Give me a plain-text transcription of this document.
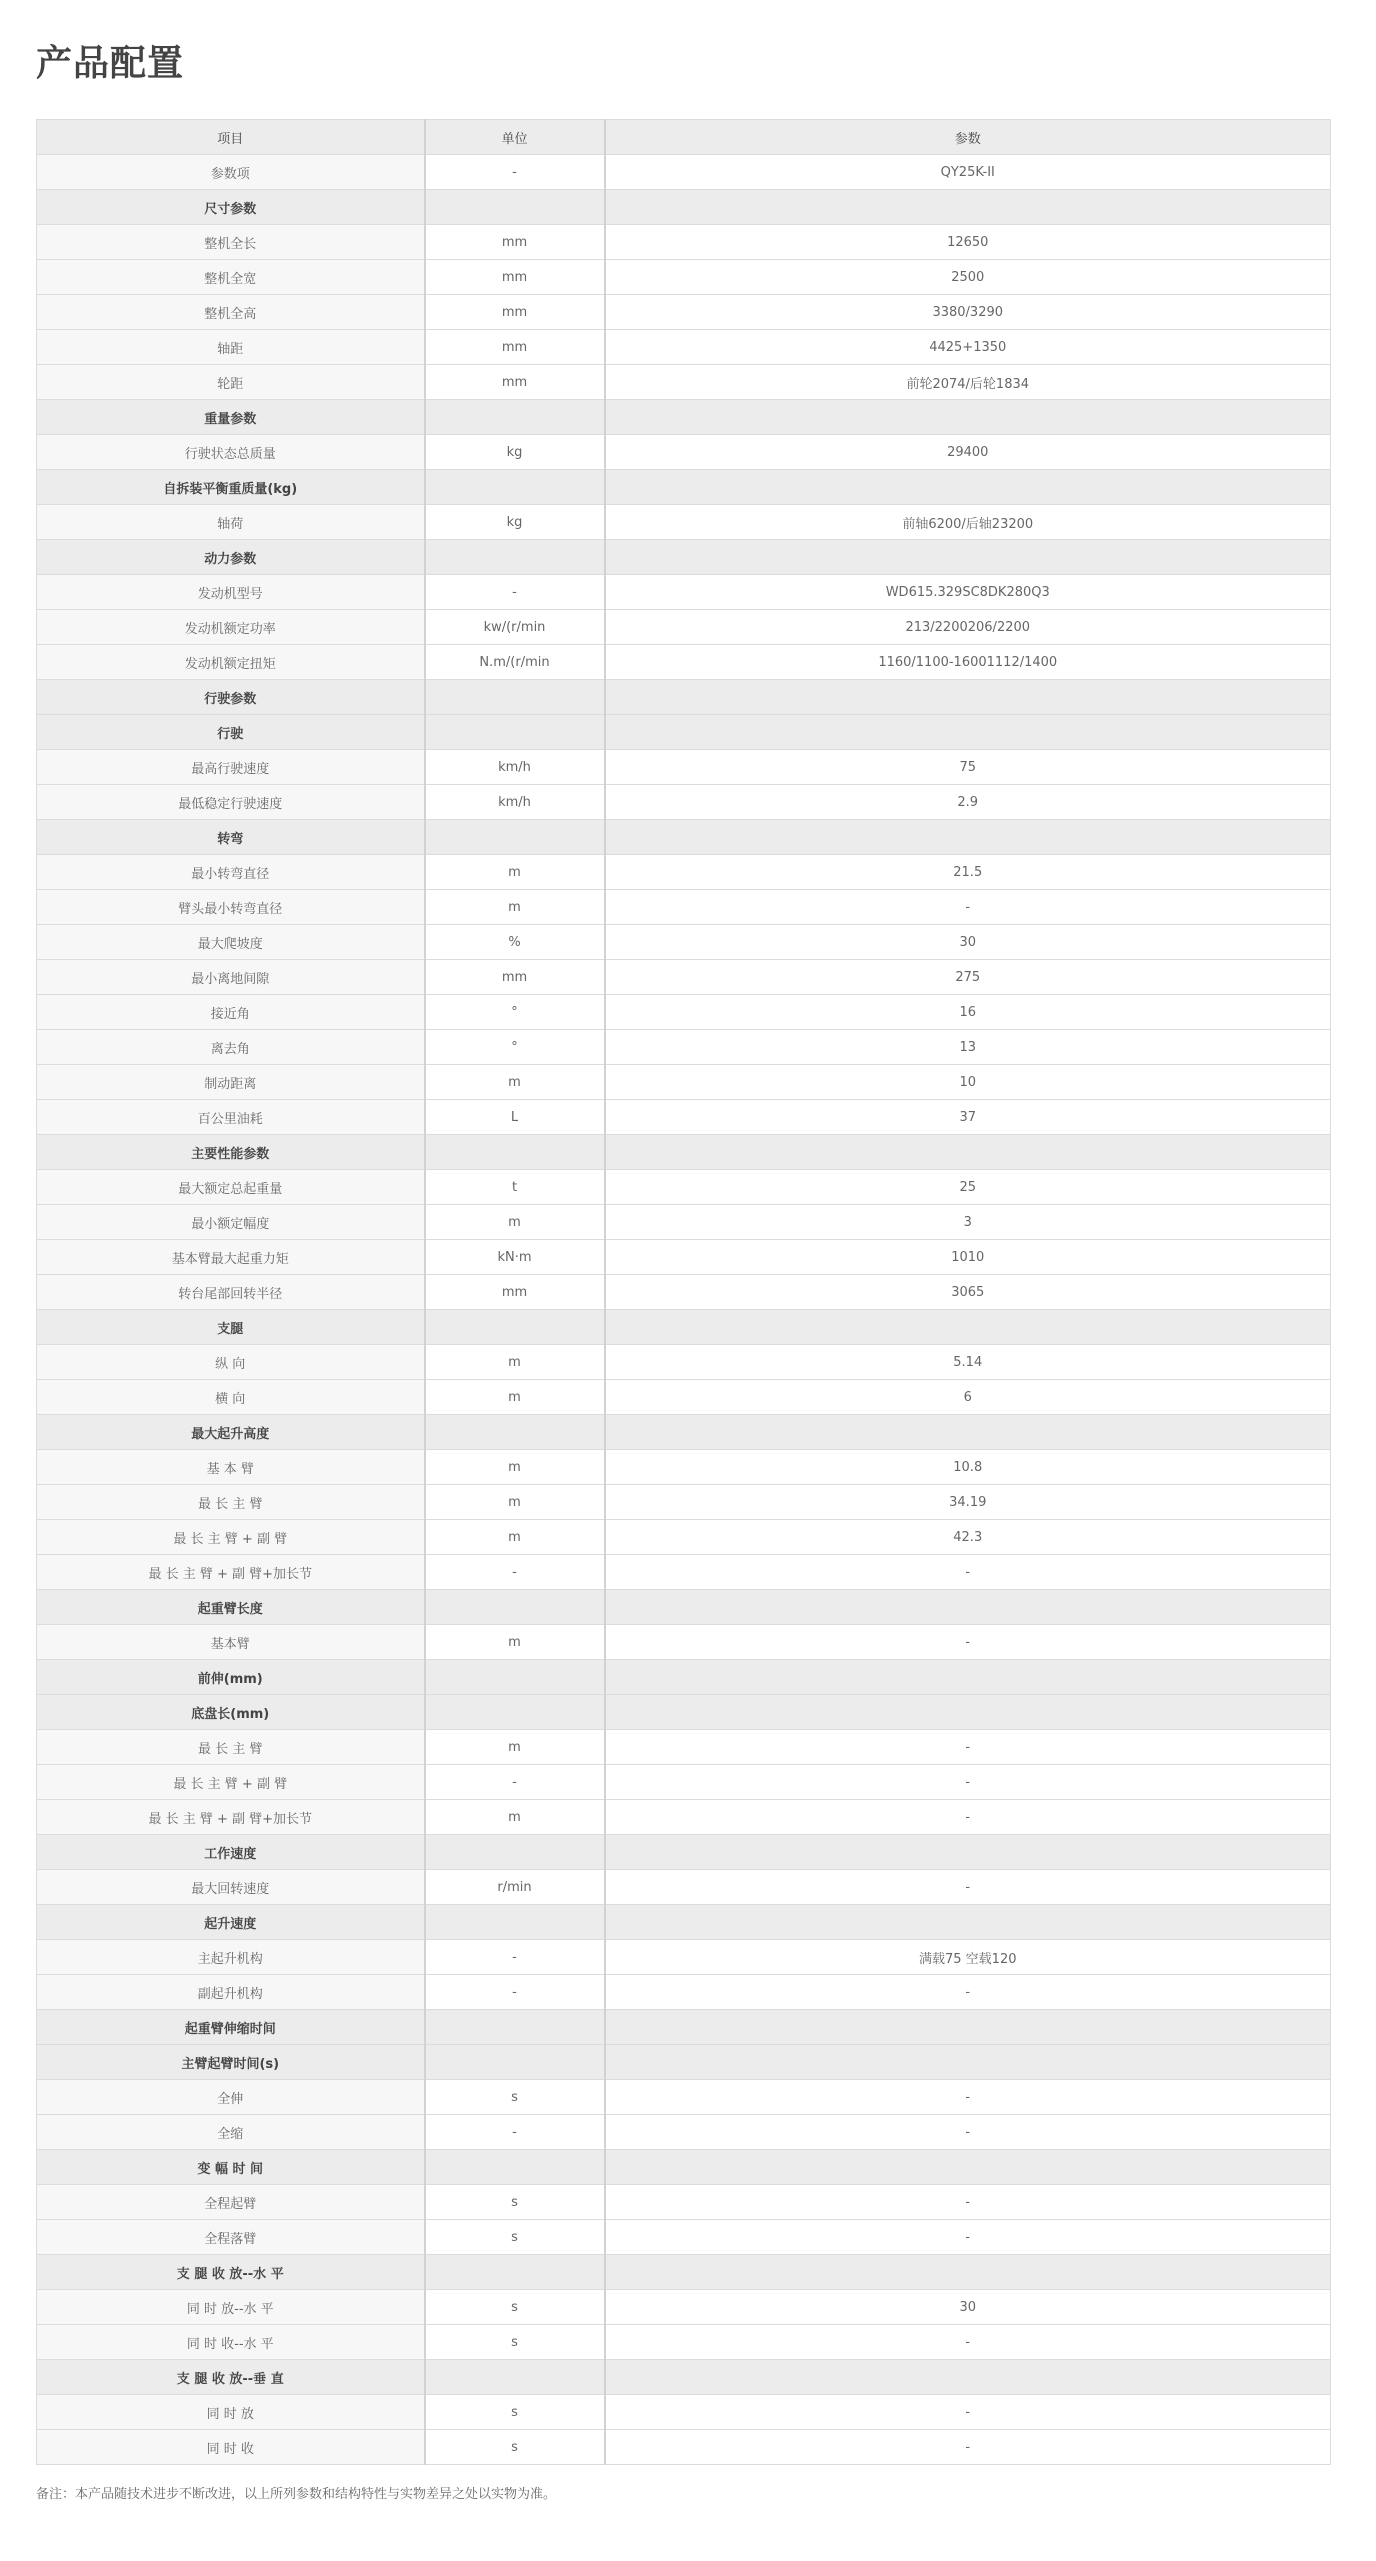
产品配置
项目	单位	参数
参数项	-	QY25K-II
尺寸参数		
整机全长	mm	12650
整机全宽	mm	2500
整机全高	mm	3380/3290
轴距	mm	4425+1350
轮距	mm	前轮2074/后轮1834
重量参数		
行驶状态总质量	kg	29400
自拆装平衡重质量(kg)		
轴荷	kg	前轴6200/后轴23200
动力参数		
发动机型号	-	WD615.329SC8DK280Q3
发动机额定功率	kw/(r/min	213/2200206/2200
发动机额定扭矩	N.m/(r/min	1160/1100-16001112/1400
行驶参数		
行驶		
最高行驶速度	km/h	75
最低稳定行驶速度	km/h	2.9
转弯		
最小转弯直径	m	21.5
臂头最小转弯直径	m	-
最大爬坡度	%	30
最小离地间隙	mm	275
接近角	°	16
离去角	°	13
制动距离	m	10
百公里油耗	L	37
主要性能参数		
最大额定总起重量	t	25
最小额定幅度	m	3
基本臂最大起重力矩	kN·m	1010
转台尾部回转半径	mm	3065
支腿		
纵 向	m	5.14
横 向	m	6
最大起升高度		
基 本 臂	m	10.8
最 长 主 臂	m	34.19
最 长 主 臂 + 副 臂	m	42.3
最 长 主 臂 + 副 臂+加长节	-	-
起重臂长度		
基本臂	m	-
前伸(mm)		
底盘长(mm)		
最 长 主 臂	m	-
最 长 主 臂 + 副 臂	-	-
最 长 主 臂 + 副 臂+加长节	m	-
工作速度		
最大回转速度	r/min	-
起升速度		
主起升机构	-	满载75 空载120
副起升机构	-	-
起重臂伸缩时间		
主臂起臂时间(s)		
全伸	s	-
全缩	-	-
变 幅 时 间		
全程起臂	s	-
全程落臂	s	-
支 腿 收 放--水 平		
同 时 放--水 平	s	30
同 时 收--水 平	s	-
支 腿 收 放--垂 直		
同 时 放	s	-
同 时 收	s	-

备注：本产品随技术进步不断改进，以上所列参数和结构特性与实物差异之处以实物为准。
